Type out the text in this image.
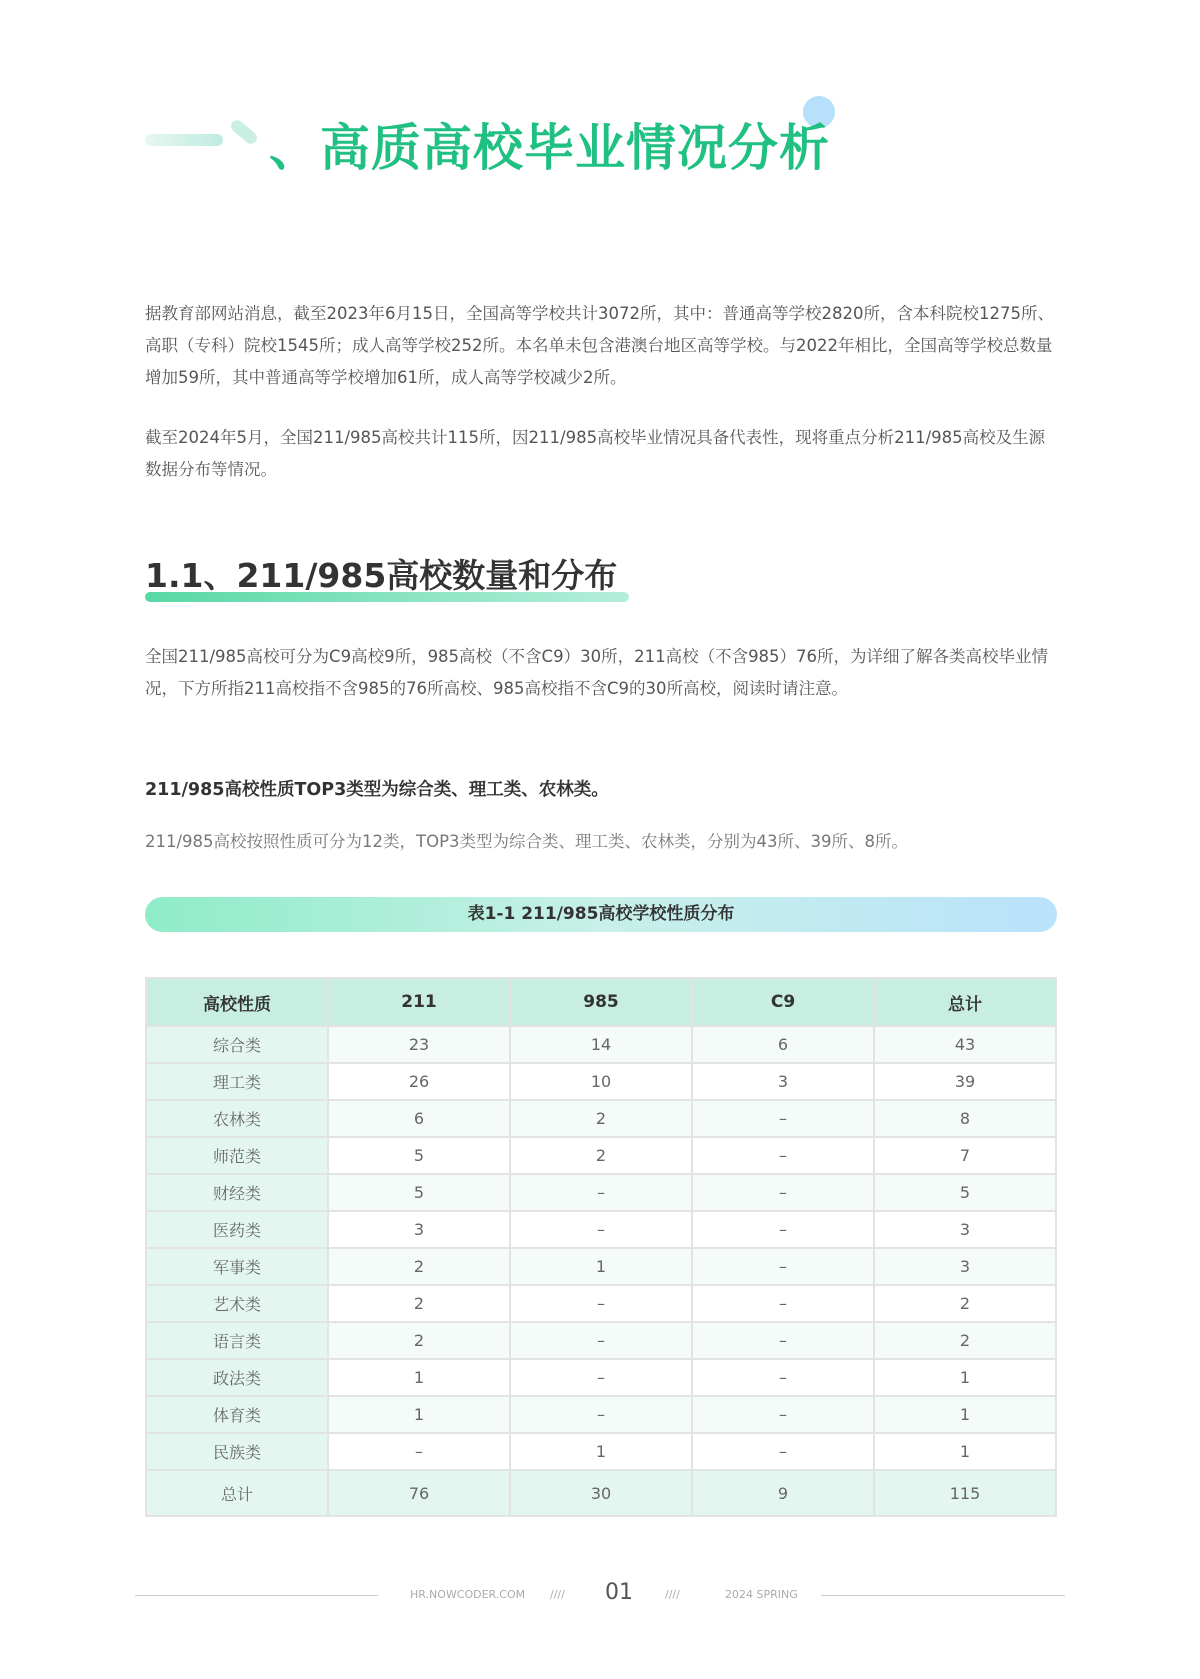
、高质高校毕业情况分析
据教育部网站消息，截至2023年6月15日，全国高等学校共计3072所，其中：普通高等学校2820所，含本科院校1275所、高职（专科）院校1545所；成人高等学校252所。本名单未包含港澳台地区高等学校。与2022年相比，全国高等学校总数量增加59所，其中普通高等学校增加61所，成人高等学校减少2所。
截至2024年5月，全国211/985高校共计115所，因211/985高校毕业情况具备代表性，现将重点分析211/985高校及生源数据分布等情况。
1.1、211/985高校数量和分布
全国211/985高校可分为C9高校9所，985高校（不含C9）30所，211高校（不含985）76所，为详细了解各类高校毕业情况，下方所指211高校指不含985的76所高校、985高校指不含C9的30所高校，阅读时请注意。
211/985高校性质TOP3类型为综合类、理工类、农林类。
211/985高校按照性质可分为12类，TOP3类型为综合类、理工类、农林类，分别为43所、39所、8所。
表1-1 211/985高校学校性质分布
高校性质	211	985	C9	总计
综合类	23	14	6	43
理工类	26	10	3	39
农林类	6	2	–	8
师范类	5	2	–	7
财经类	5	–	–	5
医药类	3	–	–	3
军事类	2	1	–	3
艺术类	2	–	–	2
语言类	2	–	–	2
政法类	1	–	–	1
体育类	1	–	–	1
民族类	–	1	–	1
总计	76	30	9	115
HR.NOWCODER.COM //// 01	////	2024 SPRING
